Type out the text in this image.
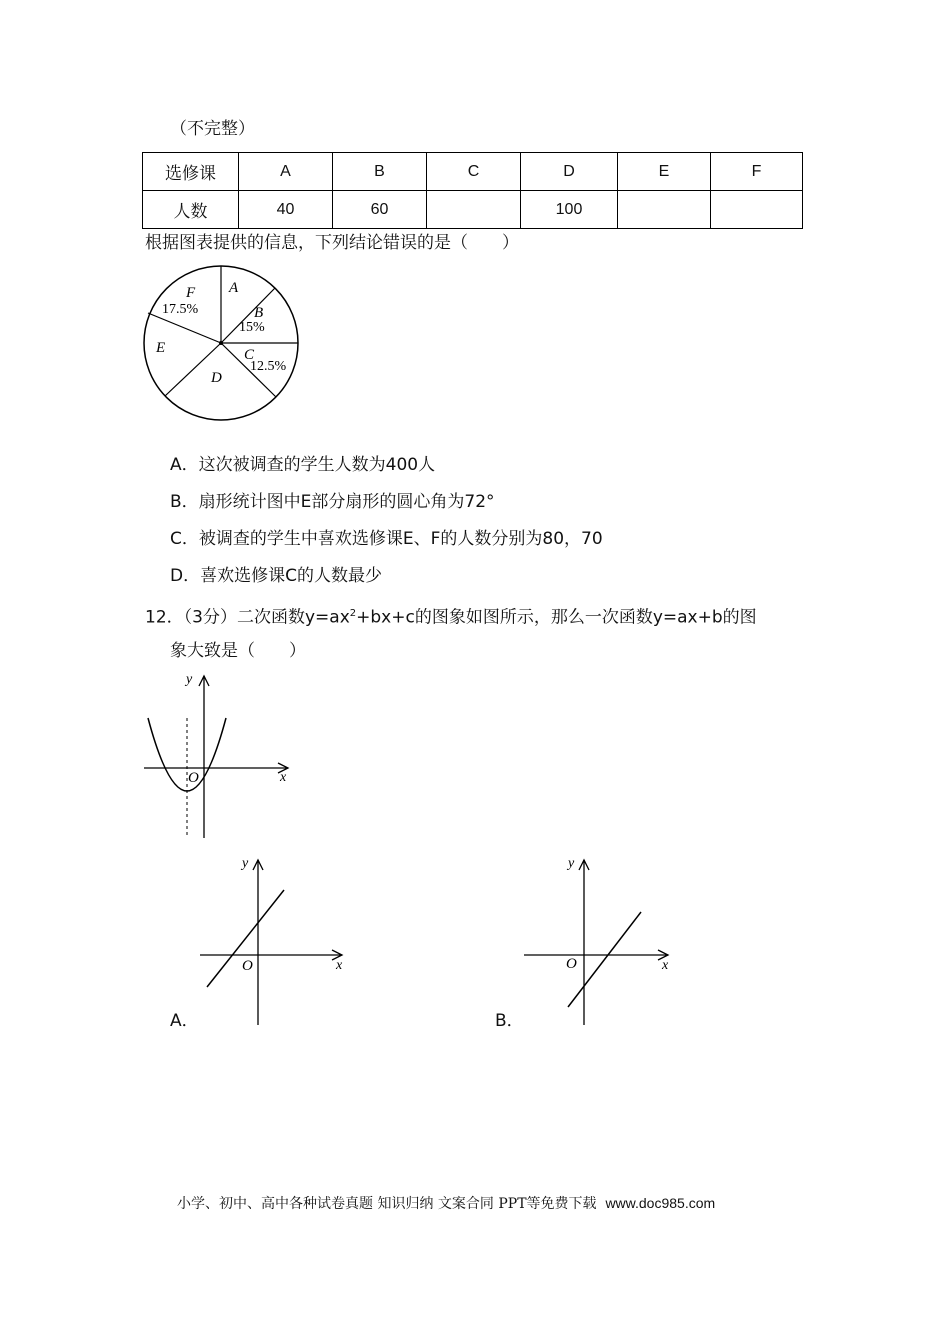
（不完整）
选修课	A	B	C	D	E	F
人数	40	60		100		
根据图表提供的信息，下列结论错误的是（　　）
A
B
15%
C
12.5%
D
E
F
17.5%
A．这次被调查的学生人数为400人
B．扇形统计图中E部分扇形的圆心角为72°
C．被调查的学生中喜欢选修课E、F的人数分别为80，70
D．喜欢选修课C的人数最少
12．（3分）二次函数$y=ax^2+bx+c$的图象如图所示，那么一次函数y=ax+b的图
象大致是（　　）
y
x
O
y
x
O
A．
y
x
O
B．
小学、初中、高中各种试卷真题 知识归纳 文案合同 PPT等免费下载 www.doc985.com
